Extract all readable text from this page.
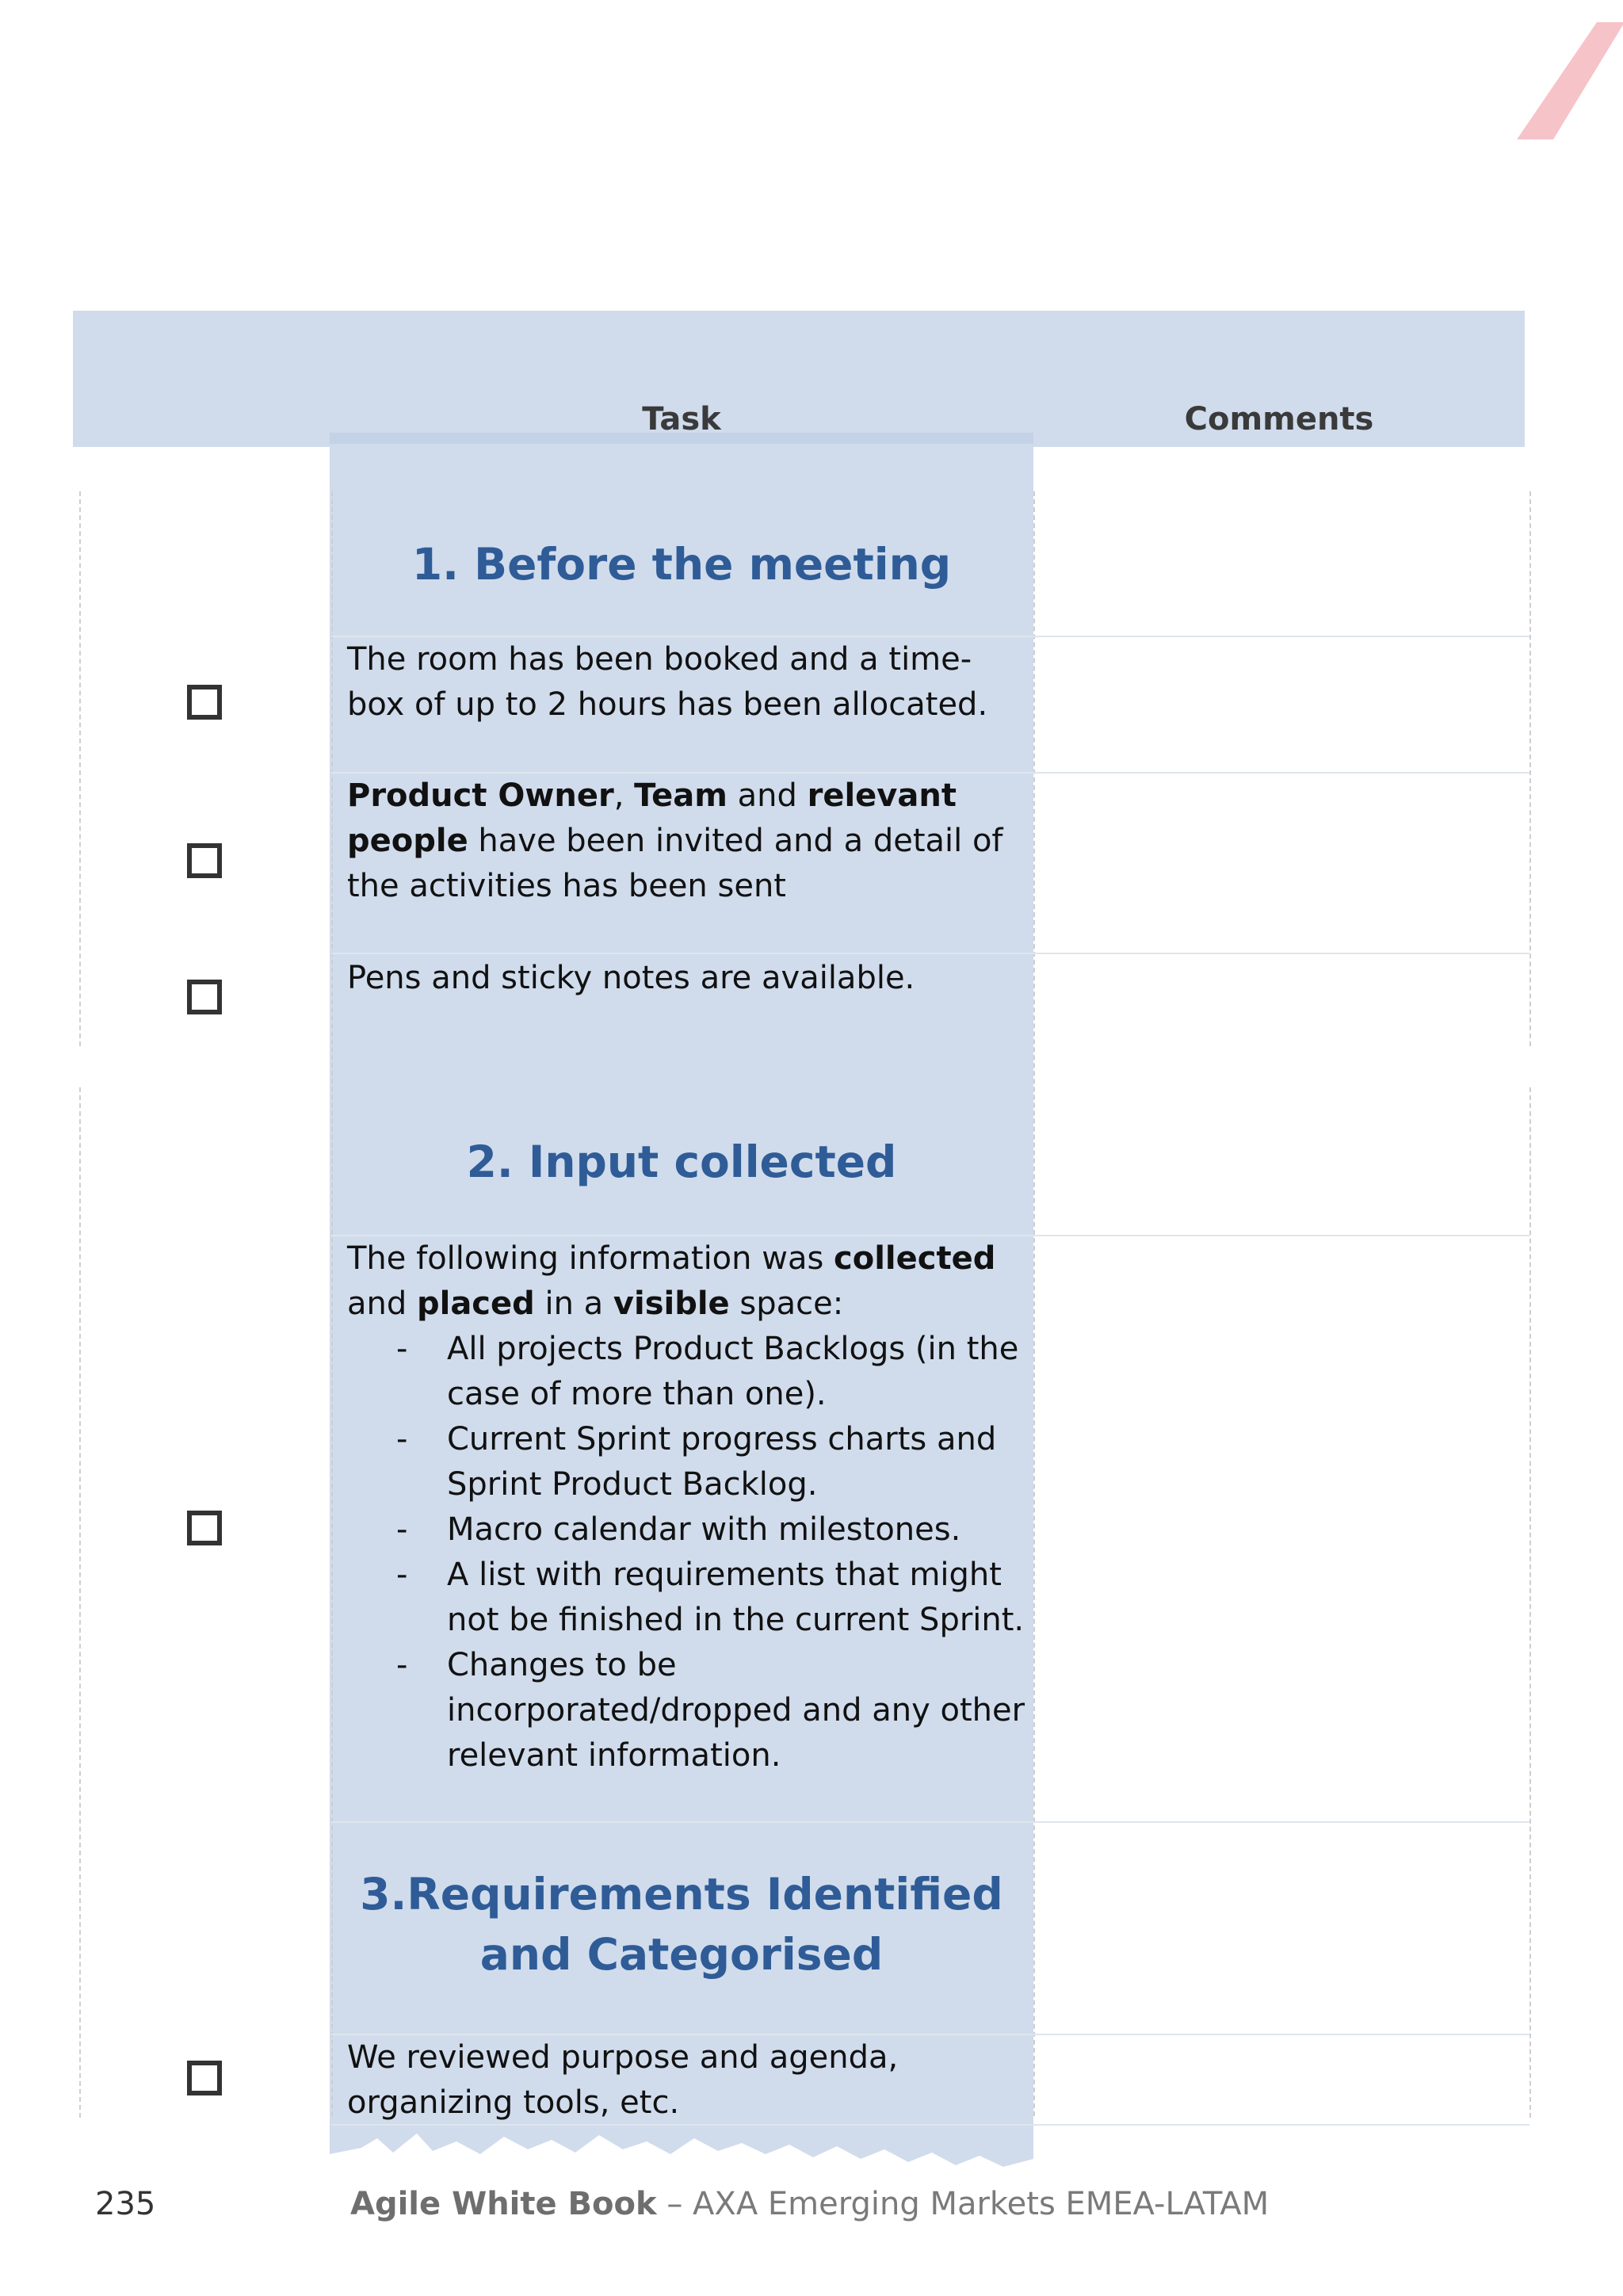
Task	Comments
1. Before the meeting
The room has been booked and a time-box of up to 2 hours has been allocated.
Product Owner, Team and relevant people have been invited and a detail of the activities has been sent
Pens and sticky notes are available.
2. Input collected
The following information was collected and placed in a visible space:
- All projects Product Backlogs (in the case of more than one).
- Current Sprint progress charts and Sprint Product Backlog.
- Macro calendar with milestones.
- A list with requirements that might not be finished in the current Sprint.
- Changes to be incorporated/dropped and any other relevant information.
3.Requirements Identified
and Categorised
We reviewed purpose and agenda, organizing tools, etc.
235	Agile White Book – AXA Emerging Markets EMEA-LATAM
